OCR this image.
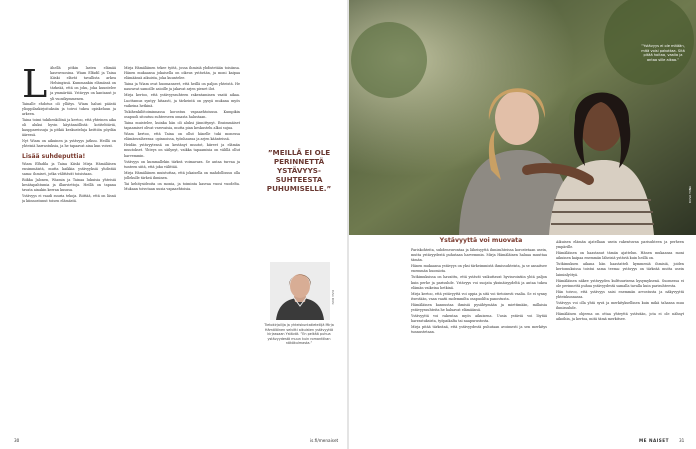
L ähellä pitkin lasten elämää kasvuvuosina. Wiam Elfadil ja Taina Kiiski elävät tavallista arkea Helsingissä. Kummankin elämässä on tärkeää, että on joku, joka kuuntelee ja ymmärtää. Ystävyys on kantanut jo yli vuosikymmenen.

Tainalle ehdotus oli yllätys. Wiam halusi päästä ylioppilaskirjoituksiin ja toivoi tukea opiskeluun ja arkeen.

Taina toimi tukihenkilönä ja kertoo, että yhteinen aika oli aluksi hyvin käytännöllistä: kotitehtäviä, kauppareissuja ja pitkiä keskusteluja keittiön pöydän ääressä.

Nyt Wiam on aikuinen ja ystävyys jatkuu. Heillä on yhteisiä harrastuksia, ja he tapaavat aina kun voivat.

Lisää suhdeputtia!

Wiam Elfadila ja Taina Kiiski Mirja Hämäläisen ensimmäistä, mutta kaikkia ystävyyksiä yhdistää sama: ihmiset, jotka välittävät toisistaan.

Riikka Jalonen, Wiamin ja Tainaa lukuisia yhteisiä kesätapahtumia ja illanviettoja. Heillä on tapana tavata ainakin kerran kuussa.

Ystävyys ei vaadi suuria tekoja. Riittää, että on läsnä ja kiinnostunut toisen elämästä.

Mirja Hämäläinen tekee työtä, jossa ihmisiä yhdistetään toisiinsa. Hänen mukaansa jokaisella on oikeus ystävään, ja moni kaipaa elämäänsä aikuista, joka kuuntelee.

Taina ja Wiam ovat huomanneet, että heillä on paljon yhteistä. He nauravat samoille asioille ja jakavat arjen pienet ilot.

Mirja kertoo, että ystävyyssuhteen rakentaminen vaatii aikaa. Luottamus syntyy hitaasti, ja tärkeintä on pysyä mukana myös vaikeina hetkinä.

Tukihenkilötoiminnassa korostuu vapaaehtoisuus. Kumpikin osapuoli sitoutuu suhteeseen omasta halustaan.

Taina muistelee, kuinka hän oli aluksi jännittynyt. Ensimmäiset tapaamiset olivat varovaisia, mutta pian keskustelu alkoi sujua.

Wiam kertoo, että Taina on ollut hänelle tuki monessa elämänvaiheessa: opinnoissa, työnhaussa ja arjen käänteissä.

Heidän ystävyytensä on kestänyt muutot, kiireet ja elämän muutokset. Yhteys on säilynyt, vaikka tapaamisia on välillä ollut harvemmin.

Ystävyys on kummallekin tärkeä voimavara. Se antaa turvaa ja tunteen siitä, että joku välittää.

Mirja Hämäläinen muistuttaa, että jokaisella on mahdollisuus olla jollekulle tärkeä ihminen.

Tai kehitysideoita on monia, ja toiminta kasvaa vuosi vuodelta. Mukaan toivotaan uusia vapaaehtoisia.

”MEILLÄ EI OLE PERINNETTÄ YSTÄVYYS-SUHTEESTA PUHUMISELLE.”
Tietokirjailija ja yhteiskuntatieteilijä Mirja Hämäläinen selvitti aikuisten ystävyyttä kirjassaan Ystävät. ”En pelkää puhua ystävyydestä muun kuin romantiikan näkökulmasta.”
KUVA KIRSI
30	is.fi/menaiset
”Ystävyys ei ole mitään, mitä voisi pakottaa. Sitä pitää hoitaa, vaalia ja antaa sille aikaa.”
KUVA TIINA
Ystävyyttä voi muovata

Pariskohteita, suhdeneuvontaa ja läheisyyttä ihmisuhteissa korostetaan usein, mutta ystävyydestä puhutaan harvemmin. Mirja Hämäläinen haluaa muuttaa tämän.

Hänen mukaansa ystävyys on yksi tärkeimmistä ihmissuhteista, ja se ansaitsee enemmän huomiota.

Tutkimuksissa on havaittu, että ystävät vaikuttavat hyvinvointiin yhtä paljon kuin perhe ja parisuhde. Ystävyys voi suojata yksinäisyydeltä ja antaa tukea elämän vaikeina hetkinä.

Mirja kertoo, että ystävyyttä voi oppia ja sitä voi tietoisesti vaalia. Se ei synny itsestään, vaan vaatii molemmilta osapuolilta panostusta.

Hämäläinen kannustaa ihmisiä pysähtymään ja miettimään, millaisia ystävyyssuhteita he haluavat elämäänsä.

Ystävyyttä voi rakentaa myös aikuisena. Uusia ystäviä voi löytää harrastuksista, työpaikalta tai naapurustosta.

Mirja pitää tärkeänä, että ystävyydestä puhutaan avoimesti ja sen merkitys tunnustetaan.

Aikuisen elämän ajatellaan usein rakentuvan parisuhteen ja perheen ympärille.

Hämäläinen on haastanut tämän ajattelun. Hänen mukaansa moni aikuinen kaipaa enemmän läheisiä ystäviä kuin heillä on.

Tutkimuksen aikana hän haastatteli kymmeniä ihmisiä, joiden kertomuksissa toistui sama teema: ystävyys on tärkeää mutta usein laiminlyötyä.

Hämäläinen näkee ystävyyden kulttuurisena kysymyksenä. Suomessa ei ole perinnettä puhua ystävyydestä samalla tavalla kuin parisuhteesta.

Hän toivoo, että ystävyys saisi enemmän arvostusta ja näkyvyyttä yhteiskunnassa.

Ystävyys voi olla yhtä syvä ja merkityksellinen kuin mikä tahansa muu ihmissuhde.

Hämäläisen ohjeena on ottaa yhteyttä ystävään, jota ei ole nähnyt aikoihin, ja kertoa, mitä tämä merkitsee.

ME NAISET 31
